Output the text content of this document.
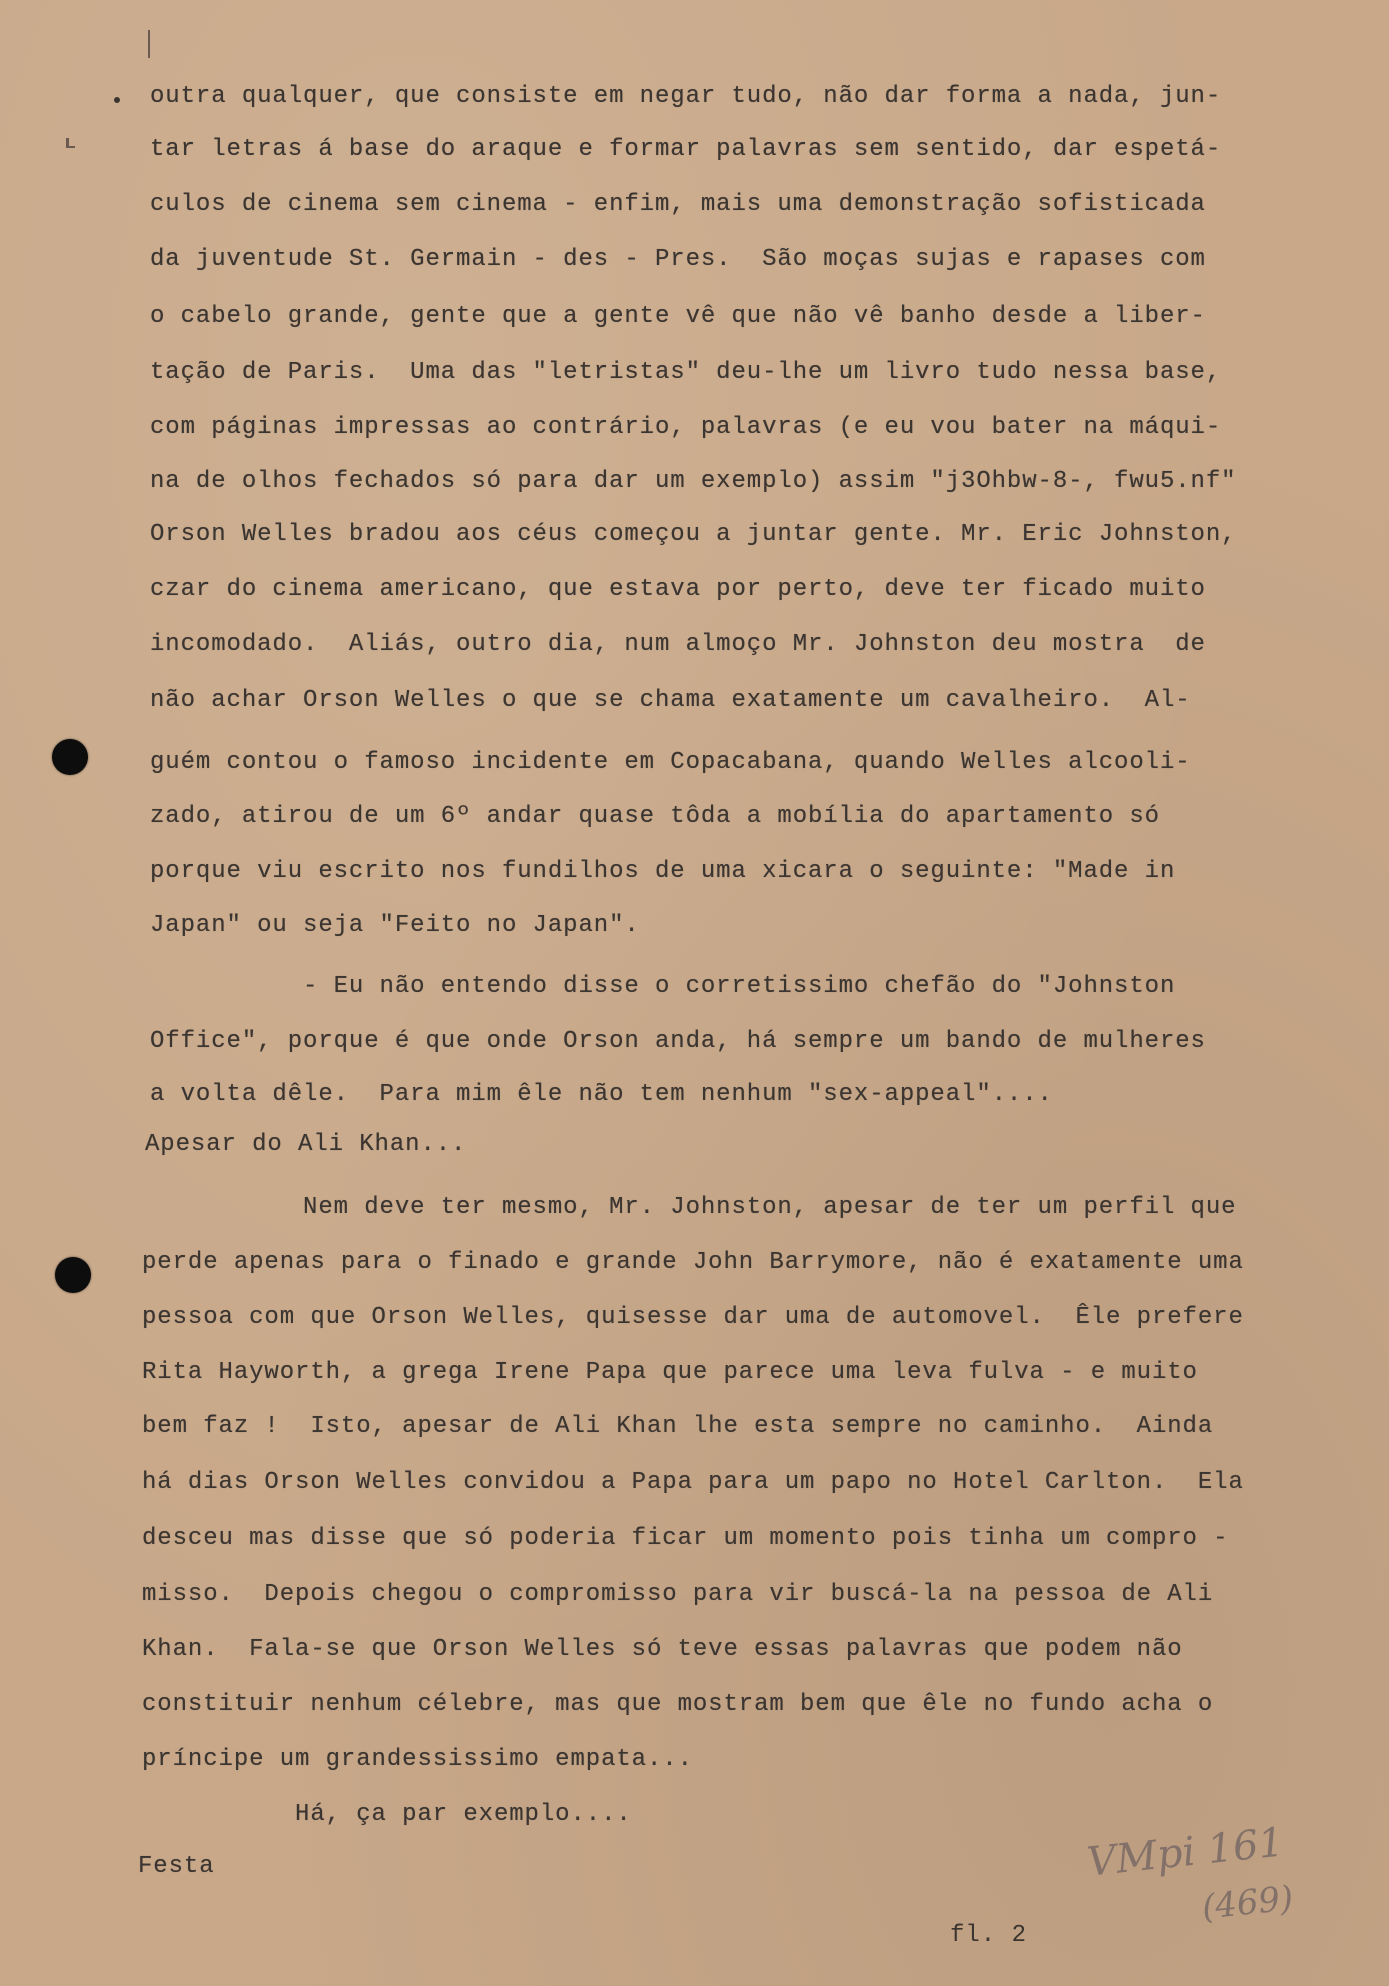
outra qualquer, que consiste em negar tudo, não dar forma a nada, jun-
tar letras á base do araque e formar palavras sem sentido, dar espetá-
culos de cinema sem cinema - enfim, mais uma demonstração sofisticada
da juventude St. Germain - des - Pres.  São moças sujas e rapases com
o cabelo grande, gente que a gente vê que não vê banho desde a liber-
tação de Paris.  Uma das "letristas" deu-lhe um livro tudo nessa base,
com páginas impressas ao contrário, palavras (e eu vou bater na máqui-
na de olhos fechados só para dar um exemplo) assim "j3Ohbw-8-, fwu5.nf"
Orson Welles bradou aos céus começou a juntar gente. Mr. Eric Johnston,
czar do cinema americano, que estava por perto, deve ter ficado muito
incomodado.  Aliás, outro dia, num almoço Mr. Johnston deu mostra  de
não achar Orson Welles o que se chama exatamente um cavalheiro.  Al-
guém contou o famoso incidente em Copacabana, quando Welles alcooli-
zado, atirou de um 6º andar quase tôda a mobília do apartamento só
porque viu escrito nos fundilhos de uma xicara o seguinte: "Made in
Japan" ou seja "Feito no Japan".
- Eu não entendo disse o corretissimo chefão do "Johnston
Office", porque é que onde Orson anda, há sempre um bando de mulheres
a volta dêle.  Para mim êle não tem nenhum "sex-appeal"....
Apesar do Ali Khan...
Nem deve ter mesmo, Mr. Johnston, apesar de ter um perfil que
perde apenas para o finado e grande John Barrymore, não é exatamente uma
pessoa com que Orson Welles, quisesse dar uma de automovel.  Êle prefere
Rita Hayworth, a grega Irene Papa que parece uma leva fulva - e muito
bem faz !  Isto, apesar de Ali Khan lhe esta sempre no caminho.  Ainda
há dias Orson Welles convidou a Papa para um papo no Hotel Carlton.  Ela
desceu mas disse que só poderia ficar um momento pois tinha um compro -
misso.  Depois chegou o compromisso para vir buscá-la na pessoa de Ali
Khan.  Fala-se que Orson Welles só teve essas palavras que podem não
constituir nenhum célebre, mas que mostram bem que êle no fundo acha o
príncipe um grandessissimo empata...
Há, ça par exemplo....
Festa
fl. 2
VMpi 161
(469)
